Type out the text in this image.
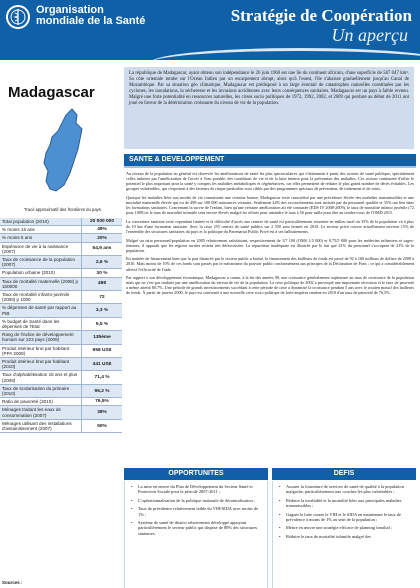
Organisation
mondiale de la Santé	Stratégie de Coopération
Un aperçu
Madagascar
Tracé approximatif des frontières du pays.
Total population (2010)	20 000 000
% moins 15 ans	49%
% moins 5 ans	20%
Espérance de vie à la naissance (2007)	54,9 ans
Taux de croissance de la population (2007)	2,6 %
Population urbaine (2010)	30 %
Taux de mortalité maternelle (2008) p 100000	498
Taux de mortalité infanto-juvénile (2008) p 1000	72
% dépenses de santé par rapport au PIB	3,3 %
% budget de Santé dans les dépenses de l'Etat	9,5 %
Rang de l'indice de développement humain sur 223 pays (2008)	135ème
Produit intérieur brut par habitant (PPA 2008)	958 US$
Produit intérieur brut par habitant (2010)	441 US$
Taux d'alphabétisation 15 ans et plus (2008)	71,4 %
Taux de scolarisation du primaire (2010)	96,2 %
Ratio de pauvreté (2010)	76,5%
Ménages traitant les eaux de consommation (2007)	38%
Ménages utilisant des installations d'assainissement (2007)	50%
Sources :
La république de Madagascar, ayant obtenu son indépendance le 26 juin 1960 est une île du continent africain, d'une superficie de 587 047 km². Sa côte orientale tombe sur l'Océan Indien par un escarpement abrupt, alors qu'à l'ouest, l'île s'abaisse graduellement jusqu'au Canal de Mozambique. Par sa situation géo climatique, Madagascar est prédisposé à un large éventail de catastrophes naturelles constituées par les cyclones, les inondations, la sécheresse et les invasions acridiennes avec leurs conséquences sanitaires. Madagascar est un pays à faible revenu. Malgré une forte potentialité en ressources naturelles, les crises socio politiques de 1972, 1992, 2002, et 2009 qui perdure au début de 2011 ont joué en faveur de la détérioration croissante du niveau de vie de la population.
SANTE & DEVELOPPEMENT

Au niveau de la population en général est observée les améliorations de santé les plus spectaculaires qui s'obtiennent à partir des actions de santé publique, spécialement celles induites par l'amélioration de l'accès à l'eau potable, des conditions de vie et de la lutte intense pour la prévention des maladies. Ces actions continuent d'offrir le potentiel le plus important pour la santé y compris les maladies métaboliques et cégénératives, car elles permettent de réduire le plus grand nombre de décès évitables. Les groupes vulnérables, qui s'exposent à des facteurs de risque particulier sont ciblés par des programmes spéciaux de prévention, de traitement et de soins.

Quoique les maladies liées aux modes de vie connaissent une certaine hausse, Madagascar reste caractérisé par une prévalence élevée des maladies transmissibles et une mortalité maternelle élevée qui est de 498 sur 100 000 naissances vivantes. Seulement 44% des accouchements sont assistés par du personnel qualifié et 35% ont lieu dans les formations sanitaires. Concernant la survie de l'enfant, bien qu'une certaine amélioration ait été constatée (EDS IV 2008-2009), le taux de mortalité infanto juvénile (72 pour 1000) et le taux de mortalité infantile sont encore élevés malgré les efforts pour atteindre le taux à 56 pour mille pour être au rendez-vous de l'OMD 2015.

La couverture sanitaire reste cependant limitée et la difficulté d'accès aux centres de santé est particulièrement ressentie en milieu rural où 35% de la population vit à plus de 10 km d'une formation sanitaire. Avec la crise 255 centres de santé publics sur 2 350 sont fermés en 2010. Le secteur privé couvre actuellement environ 15% de l'ensemble des structures sanitaires du pays et la politique du Partenariat Public Privé est à ses balbutiements.

Malgré un ratio personnel/population en 2005 relativement satisfaisant, respectivement de 1/7 100 (OMS 1/5 000) et 0,75/5 000 pour les médecins infirmiers et sages-femmes, il apparaît que les régions rurales restent très défavorisées. La répartition inadéquate est illustrée par le fait que 41% du personnel s'occupent de 21% de la population.

En matière de financement bien que la part financée par le secteur public a baissé, le financement des bailleurs de fonds est passé de 92 à 160 millions de dollars de 2008 à 2010. Mais moins de 10% de ces fonds sont passés par le mécanisme du pouvoir public conformément aux principes de la Déclaration de Paris ; ce qui a considérablement affecté l'efficacité de l'aide.

Par rapport à son développement économique, Madagascar a connu, à la fin des années 90, une croissance généralement supérieure au taux de croissance de la population mais qui ne s'est pas traduite par une amélioration du niveau de vie de la population. La crise politique de 2002 a provoqué une importante récession et le taux de pauvreté a même atteint 80,7%. Une période de grands investissements succédant à cette période de crise a dynamisé la croissance pendant 5 ans avec le soutien massif des bailleurs de fonds. À partir de janvier 2009, le pays est confronté à une nouvelle crise socio politique de forte ampleur ramène en 2010 d'un taux de pauvreté de 76,5%.

OPPORTUNITES	DEFIS
• La mise en œuvre du Plan de Développement du Secteur Santé et Protection Sociale pour la période 2007-2011 ;
• L'opérationnalisation de la politique nationale de décentralisation ;
• Taux de prévalence relativement faible du VIH/SIDA avec moins de 1% ;
• Système de santé de district relativement développé appuyant particulièrement le secteur public qui dispose de 80% des structures sanitaires.
• Assurer la fourniture de services de santé de qualité à la population malgache, particulièrement aux couches les plus vulnérables ;
• Réduire la morbidité et la mortalité liées aux principales maladies transmissibles ;
• Gagner la lutte contre le VIH et le SIDA en maintenant le taux de prévalence à moins de 1% au sein de la population ;
• Mettre en œuvre une stratégie efficace de planning familial ;
• Réduire le taux de mortalité infantile malgré des
